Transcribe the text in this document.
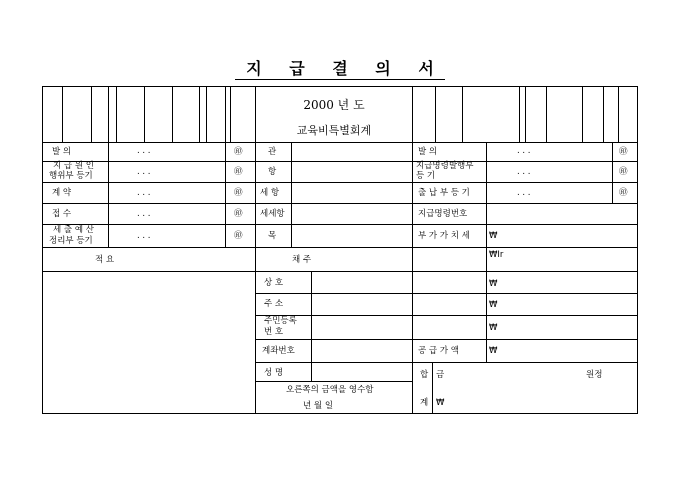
지 급 결 의 서
2000 년 도
교육비특별회계
발 의
지 급 원 인
행위부 등기
계 약
접 수
세 출 예 산
정리부 등기
. . .
. . .
. . .
. . .
. . .
㊞
㊞
㊞
㊞
㊞
관
항
세 항
세세항
목
발 의
지급명령발행부
등 기
출 납 부 등 기
지급명령번호
부 가 가 치 세
. . .
. . .
. . .
㊞
㊞
㊞
₩
₩Ir
적 요	채 주
상 호
주 소
주민등록
번 호
계좌번호	공 급 가 액
성 명
₩
₩
₩
₩
오른쪽의 금액을 영수함
년 월 일
합 금
계 ₩
원정
